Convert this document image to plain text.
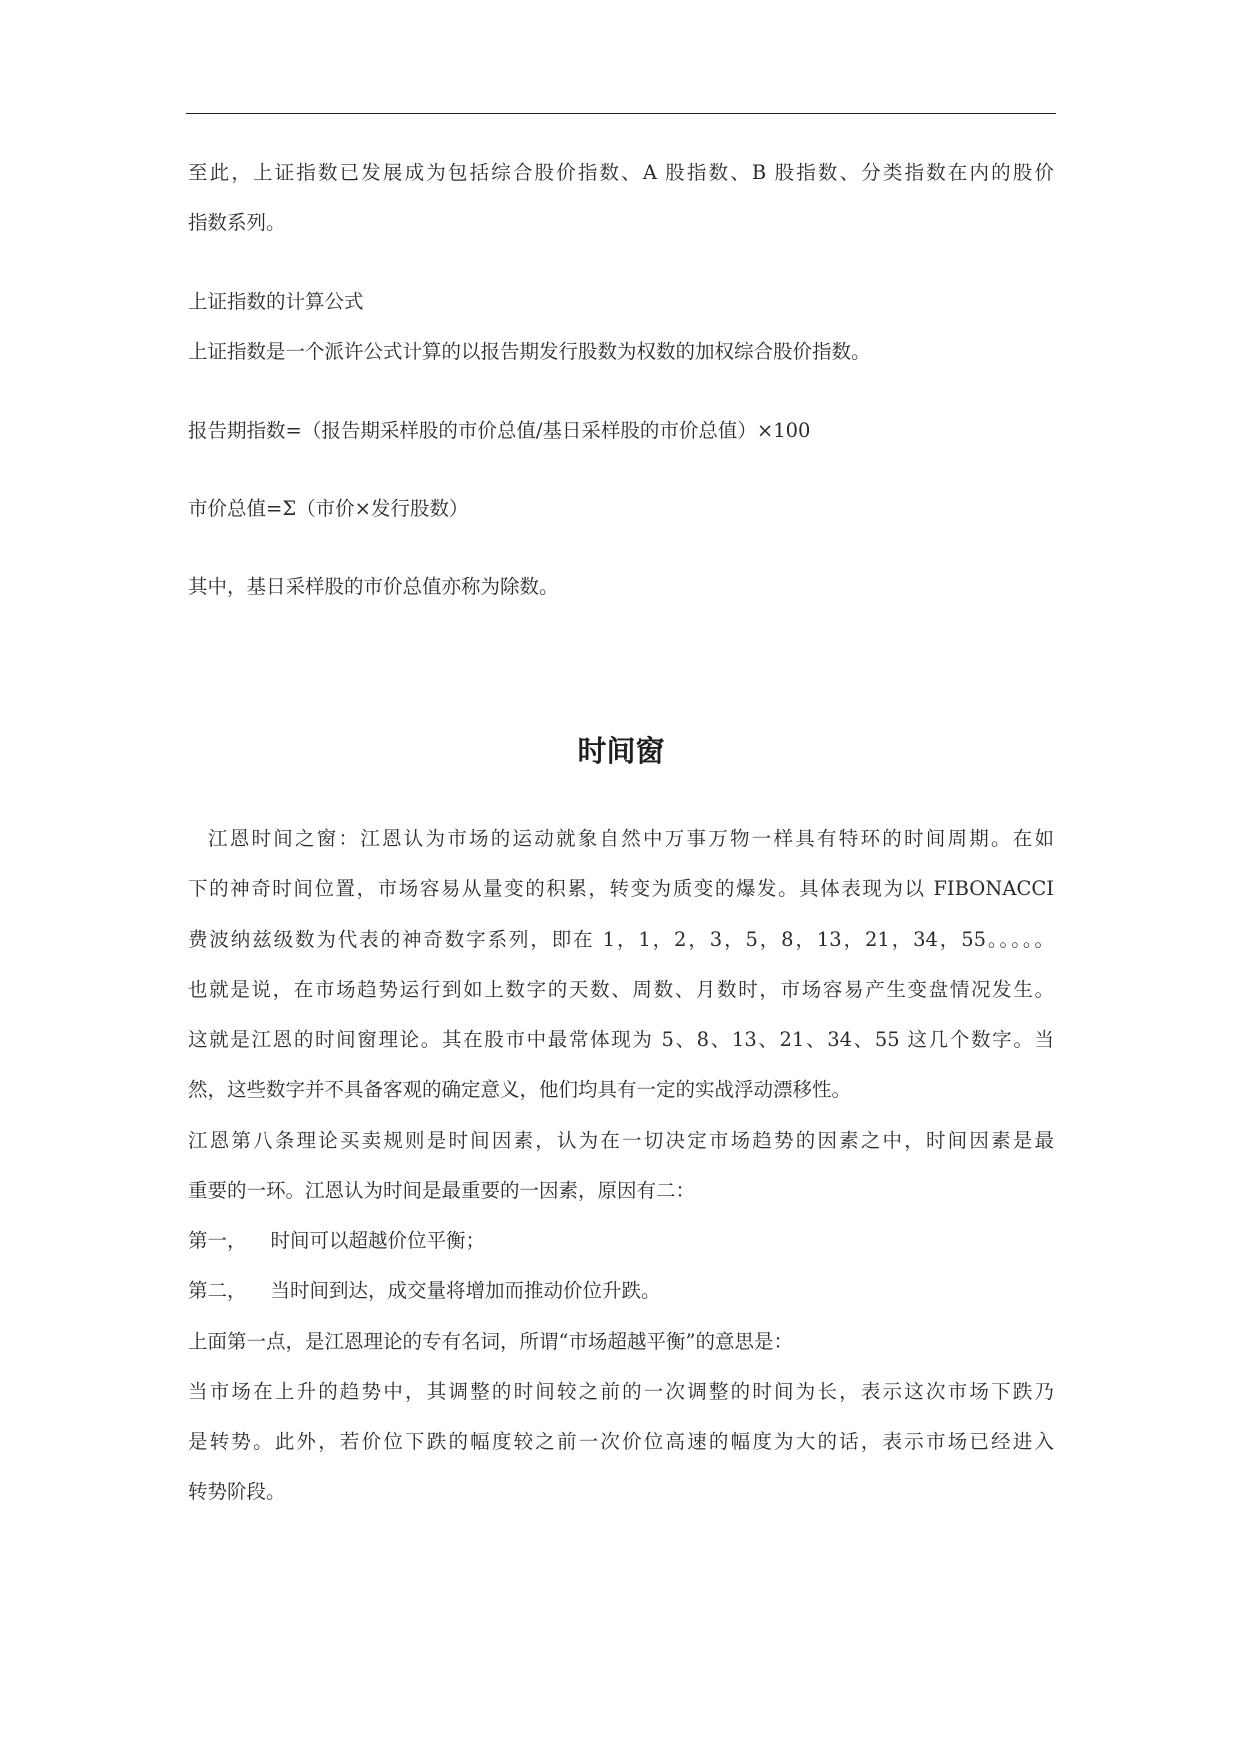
至此，上证指数已发展成为包括综合股价指数、A 股指数、B 股指数、分类指数在内的股价
指数系列。
上证指数的计算公式
上证指数是一个派许公式计算的以报告期发行股数为权数的加权综合股价指数。
报告期指数=（报告期采样股的市价总值/基日采样股的市价总值）×100
市价总值=Σ（市价×发行股数）
其中，基日采样股的市价总值亦称为除数。
时间窗
江恩时间之窗：江恩认为市场的运动就象自然中万事万物一样具有特环的时间周期。在如
下的神奇时间位置，市场容易从量变的积累，转变为质变的爆发。具体表现为以 FIBONACCI
费波纳兹级数为代表的神奇数字系列，即在 1，1，2，3，5，8，13，21，34，55。。。。。
也就是说，在市场趋势运行到如上数字的天数、周数、月数时，市场容易产生变盘情况发生。
这就是江恩的时间窗理论。其在股市中最常体现为 5、8、13、21、34、55 这几个数字。当
然，这些数字并不具备客观的确定意义，他们均具有一定的实战浮动漂移性。
江恩第八条理论买卖规则是时间因素，认为在一切决定市场趋势的因素之中，时间因素是最
重要的一环。江恩认为时间是最重要的一因素，原因有二：
第一， 时间可以超越价位平衡；
第二， 当时间到达，成交量将增加而推动价位升跌。
上面第一点，是江恩理论的专有名词，所谓“市场超越平衡”的意思是：
当市场在上升的趋势中，其调整的时间较之前的一次调整的时间为长，表示这次市场下跌乃
是转势。此外，若价位下跌的幅度较之前一次价位高速的幅度为大的话，表示市场已经进入
转势阶段。
